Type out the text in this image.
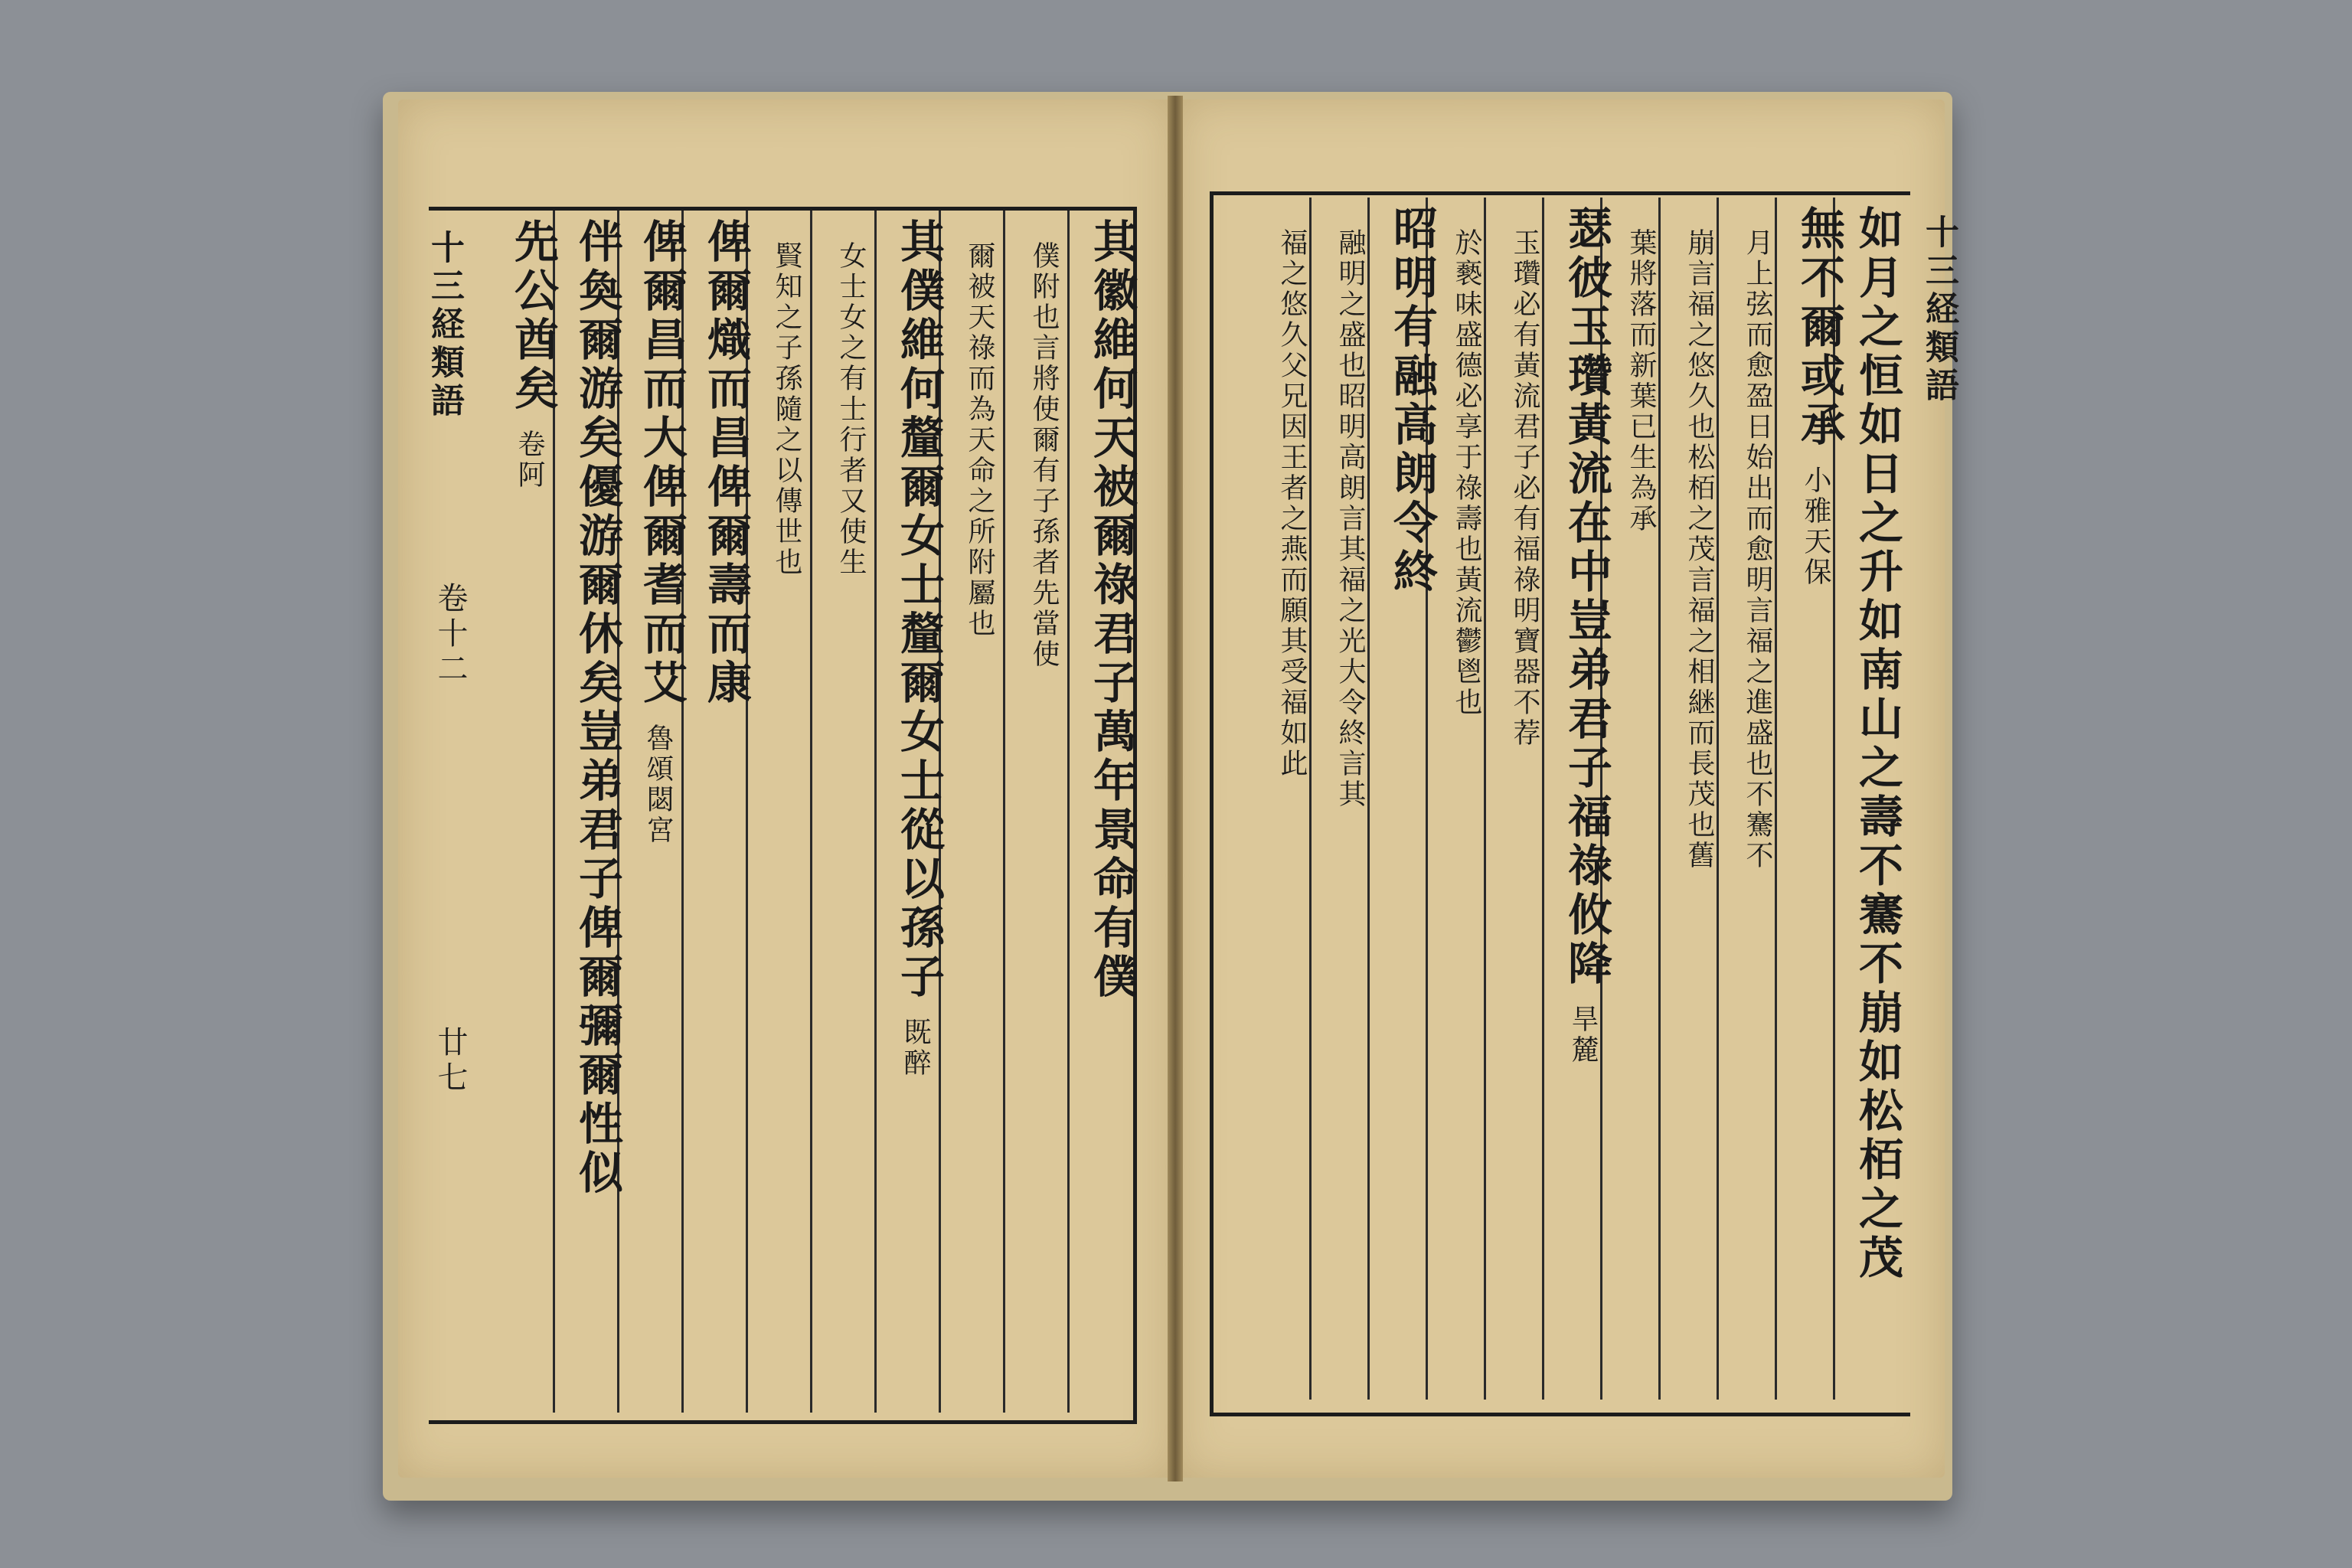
十三経類語
卷十二
廿七
其徽維何天被爾祿君子萬年景命有僕
僕附也言將使爾有子孫者先當使
爾被天祿而為天命之所附屬也
其僕維何釐爾女士釐爾女士從以孫子
既醉
女士女之有士行者又使生
賢知之子孫隨之以傳世也
俾爾熾而昌俾爾壽而康
俾爾昌而大俾爾耆而艾
魯頌閟宮
伴奐爾游矣優游爾休矣豈弟君子俾爾彌爾性似
先公酋矣
卷阿	如月之恒如日之升如南山之壽不騫不崩如松栢之茂
無不爾或承
小雅天保
月上弦而愈盈日始出而愈明言福之進盛也不騫不
崩言福之悠久也松栢之茂言福之相継而長茂也舊
葉將落而新葉已生為承
瑟彼玉瓚黃流在中豈弟君子福祿攸降
旱麓
玉瓚必有黃流君子必有福祿明寶器不荐
於褻味盛德必享于祿壽也黃流鬱鬯也
昭明有融高朗令終
融明之盛也昭明高朗言其福之光大令終言其
福之悠久父兄因王者之燕而願其受福如此	十三経類語
